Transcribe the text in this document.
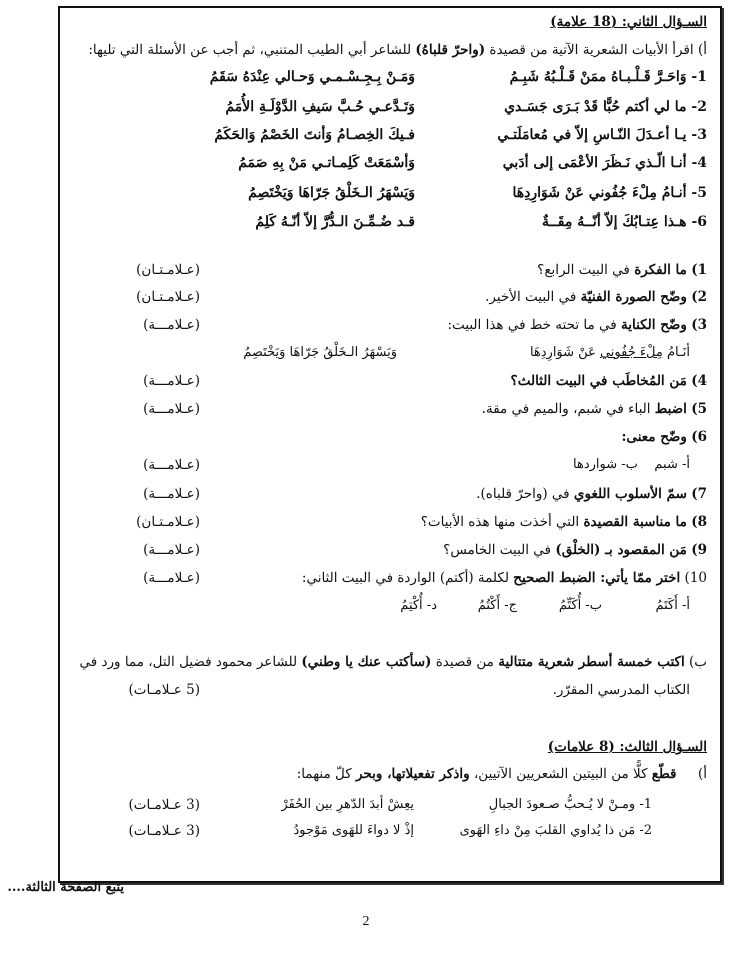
السـؤال الثاني: (18 علامة)
أ) اقرأ الأبيات الشعرية الآتية من قصيدة (واحرّ قلباهُ) للشاعر أبي الطيب المتنبي، ثم أجب عن الأسئلة التي تليها:
1- وَاحَـرَّ قَـلْـبـاهُ ممَنْ قَـلْـبُهُ شَبِـمُ
وَمَـنْ بِـجِـسْـمـي وَحـالي عِنْدَهُ سَقَمُ
2- ما لي أكتم حُبًّا قَدْ بَـرَى جَسَـدي
وَتَـدَّعـي حُـبَّ سَيفِ الدَّوْلَـةِ الأُمَمُ
3- يـا أعـدَلَ النّـاسِ إلاّ في مُعامَلَتـي
فـيكَ الخِصـامُ وَأنتَ الخَصْمُ وَالحَكَمُ
4- أنـا الّـذي نَـظَرَ الأعْمَى إلى أدَبي
وَأسْمَعَتْ كَلِمـاتـي مَنْ بِهِ صَمَمُ
5- أنـامُ مِلْءَ جُفُوني عَنْ شَوَارِدِهَا
وَيَسْهَرُ الـخَلْقُ جَرّاهَا وَيَخْتَصِمُ
6- هـذا عِتـابُكَ إلاّ أنّــهُ مِقَــةٌ
قـد ضُـمِّـنَ الـدُّرَّ إلاّ أنّـهُ كَلِمُ
1) ما الفكرة في البيت الرابع؟
(عـلامـتـان)
2) وضّح الصورة الفنيّة في البيت الأخير.
(عـلامـتـان)
3) وضّح الكناية في ما تحته خط في هذا البيت:
(عـلامـــة)
أنَـامُ مِلْءَ جُفُوني عَنْ شَوَارِدِهَا
وَيَسْهَرُ الـخَلْقُ جَرّاهَا وَيَخْتَصِمُ
4) مَن المُخاطَب في البيت الثالث؟
(عـلامـــة)
5) اضبط الباء في شبم، والميم في مقة.
(عـلامـــة)
6) وضّح معنى:
أ- شبم    ب- شواردها
(عـلامـــة)
7) سمّ الأسلوب اللغوي في (واحرّ قلباه).
(عـلامـــة)
8) ما مناسبة القصيدة التي أخذت منها هذه الأبيات؟
(عـلامـتـان)
9) مَن المقصود بـ (الخلْق) في البيت الخامس؟
(عـلامـــة)
10) اختر ممّا يأتي: الضبط الصحيح لكلمة (أكتم) الواردة في البيت الثاني:
(عـلامـــة)
أ- أَكَتَمُ
ب- أُكَتِّمُ
ج- أَكْتُمُ
د- أُكْتِمُ
ب) اكتب خمسة أسطر شعرية متتالية من قصيدة (سأكتب عنك يا وطني) للشاعر محمود فضيل التل، مما ورد في
الكتاب المدرسي المقرّر.
(5 عـلامـات)
السـؤال الثالث: (8 علامات)
أ)     قطّع كلًّا من البيتين الشعريين الآتيين، واذكر تفعيلاتها، وبحر كلّ منهما:
1- ومـنْ لا يُـحبُّ صـعودَ الجبالِ
يعِشْ أبدَ الدّهرِ بين الحُفَرْ
(3 عـلامـات)
2- مَن ذا يُداوي القلبَ مِنْ داءِ الهَوى
إذْ لا دواءَ للهَوى مَوْجودُ
(3 عـلامـات)
يتبع الصفحة الثالثة....
2
